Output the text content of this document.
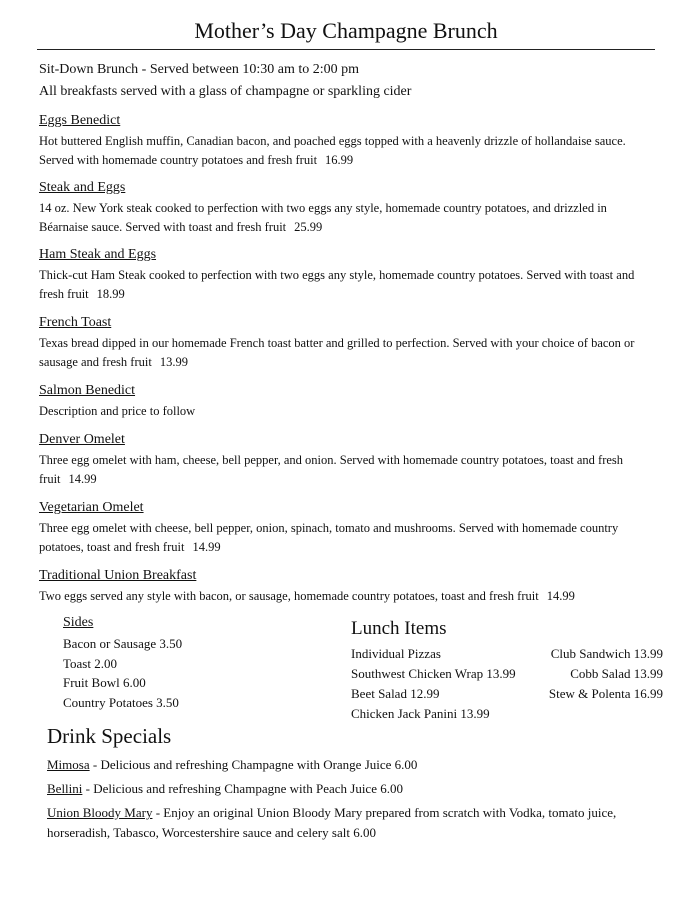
Mother’s Day Champagne Brunch
Sit-Down Brunch - Served between 10:30 am to 2:00 pm
All breakfasts served with a glass of champagne or sparkling cider
Eggs Benedict
Hot buttered English muffin, Canadian bacon, and poached eggs topped with a heavenly drizzle of hollandaise sauce. Served with homemade country potatoes and fresh fruit 16.99
Steak and Eggs
14 oz. New York steak cooked to perfection with two eggs any style, homemade country potatoes, and drizzled in Béarnaise sauce. Served with toast and fresh fruit 25.99
Ham Steak and Eggs
Thick-cut Ham Steak cooked to perfection with two eggs any style, homemade country potatoes. Served with toast and fresh fruit 18.99
French Toast
Texas bread dipped in our homemade French toast batter and grilled to perfection. Served with your choice of bacon or sausage and fresh fruit 13.99
Salmon Benedict
Description and price to follow
Denver Omelet
Three egg omelet with ham, cheese, bell pepper, and onion. Served with homemade country potatoes, toast and fresh fruit 14.99
Vegetarian Omelet
Three egg omelet with cheese, bell pepper, onion, spinach, tomato and mushrooms. Served with homemade country potatoes, toast and fresh fruit 14.99
Traditional Union Breakfast
Two eggs served any style with bacon, or sausage, homemade country potatoes, toast and fresh fruit 14.99
Sides
Bacon or Sausage 3.50
Toast 2.00
Fruit Bowl 6.00
Country Potatoes 3.50
Lunch Items
Individual Pizzas	Club Sandwich 13.99
Southwest Chicken Wrap 13.99	Cobb Salad 13.99
Beet Salad 12.99	Stew & Polenta 16.99
Chicken Jack Panini 13.99
Drink Specials
Mimosa - Delicious and refreshing Champagne with Orange Juice 6.00
Bellini - Delicious and refreshing Champagne with Peach Juice 6.00
Union Bloody Mary - Enjoy an original Union Bloody Mary prepared from scratch with Vodka, tomato juice, horseradish, Tabasco, Worcestershire sauce and celery salt 6.00
